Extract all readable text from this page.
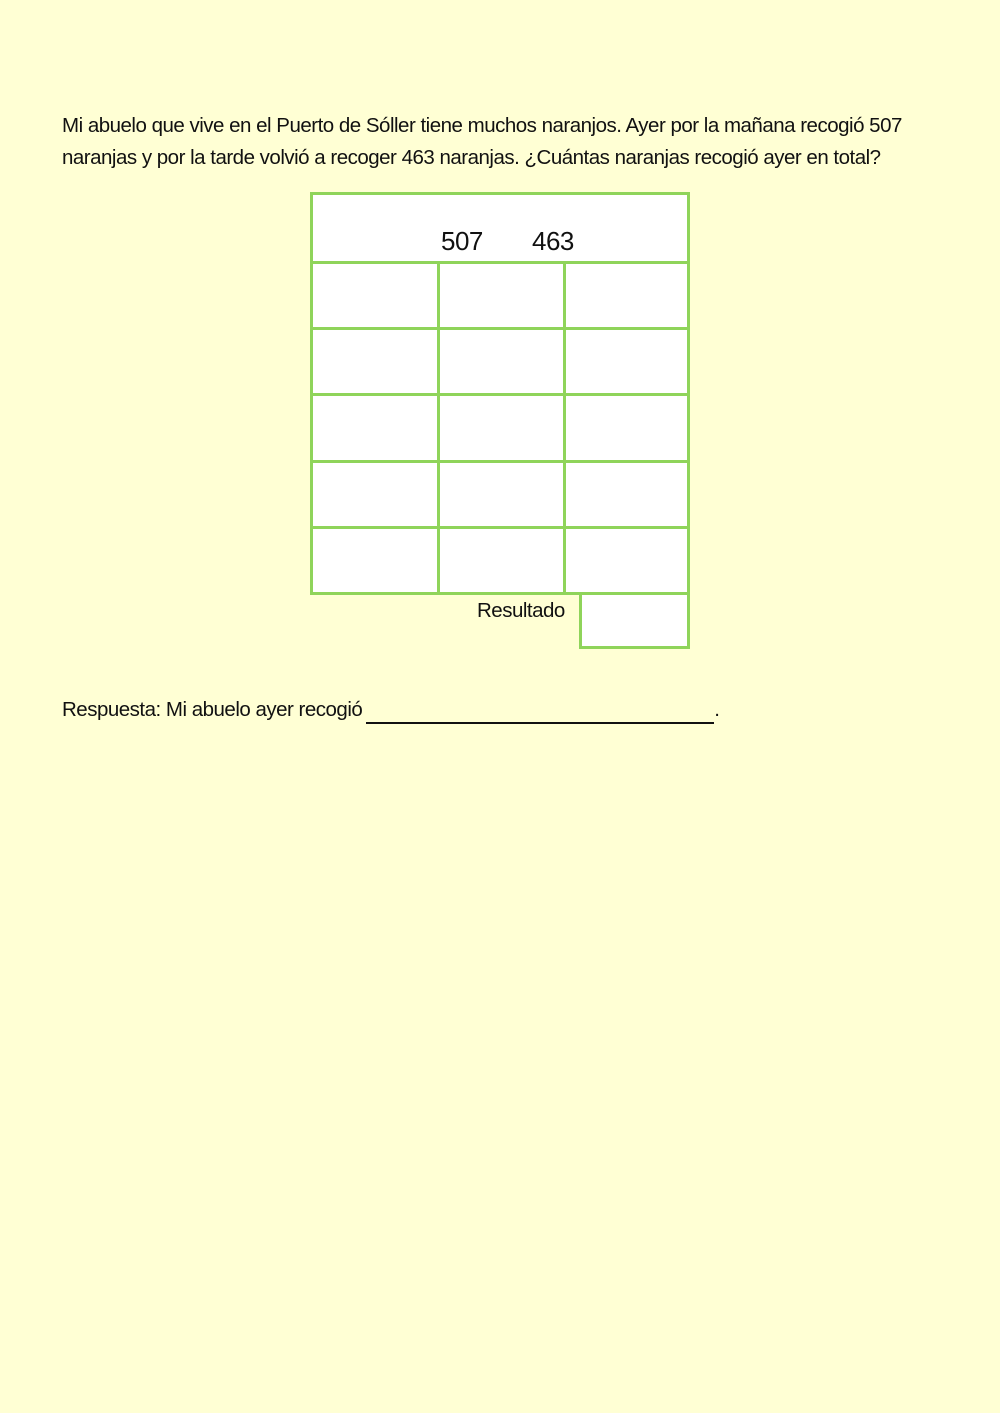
Mi abuelo que vive en el Puerto de Sóller tiene muchos naranjos. Ayer por la mañana recogió 507 naranjas y por la tarde volvió a recoger 463 naranjas. ¿Cuántas naranjas recogió ayer en total?

507 463
Resultado
Respuesta: Mi abuelo ayer recogió	.
